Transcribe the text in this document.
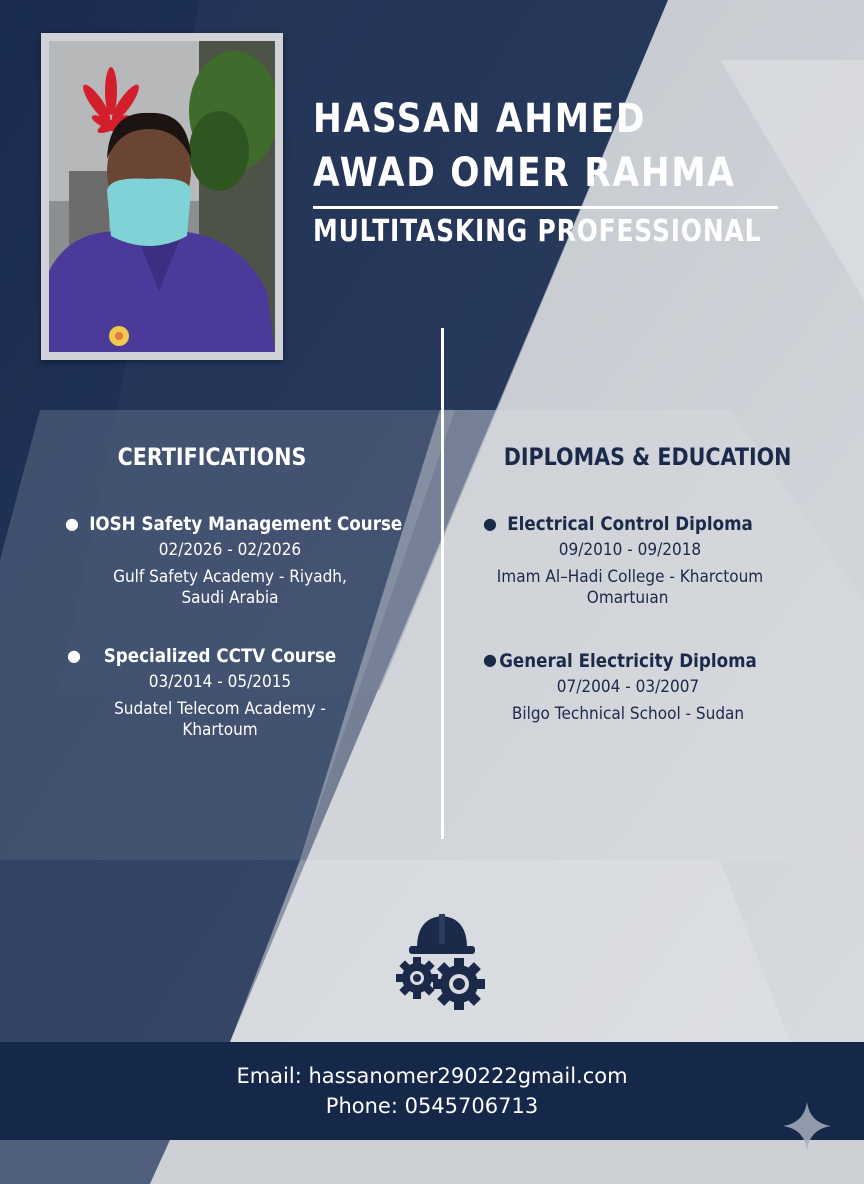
HASSAN AHMED
AWAD OMER RAHMA
MULTITASKING PROFESSIONAL
CERTIFICATIONS	DIPLOMAS & EDUCATION
● IOSH Safety Management Course
02/2026 - 02/2026
Gulf Safety Academy - Riyadh,
Saudi Arabia
●	Specialized CCTV Course
03/2014 - 05/2015
Sudatel Telecom Academy -
Khartoum
● Electrical Control Diploma
09/2010 - 09/2018
Imam Al–Hadi College - Kharctoum
Omartuıan
● General Electricity Diploma
07/2004 - 03/2007
Bilgo Technical School - Sudan
Email: hassanomer290222gmail.com
Phone: 0545706713
